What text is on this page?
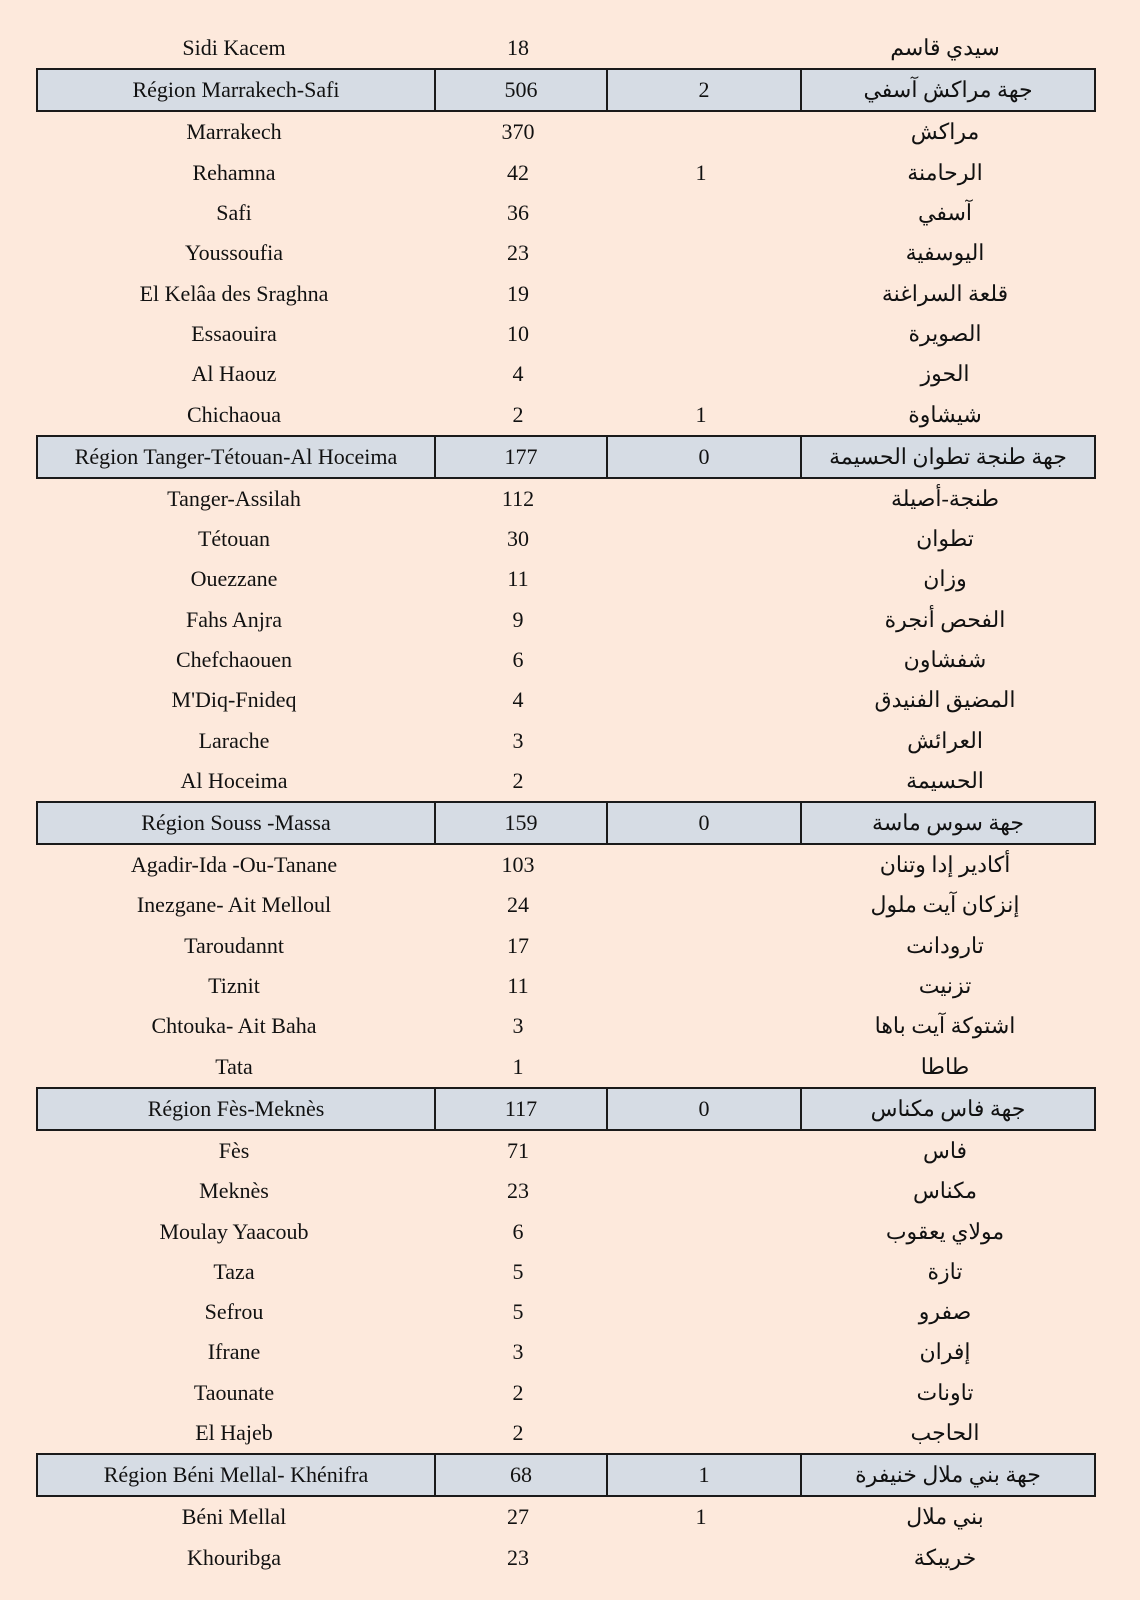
Sidi Kacem	18	سيدي قاسم
Région Marrakech-Safi	506	2	جهة مراكش آسفي
Marrakech	370	مراكش
Rehamna	42	1	الرحامنة
Safi	36	آسفي
Youssoufia	23	اليوسفية
El Kelâa des Sraghna	19	قلعة السراغنة
Essaouira	10	الصويرة
Al Haouz	4	الحوز
Chichaoua	2	1	شيشاوة
Région Tanger-Tétouan-Al Hoceima	177	0	جهة طنجة تطوان الحسيمة
Tanger-Assilah	112	طنجة-أصيلة
Tétouan	30	تطوان
Ouezzane	11	وزان
Fahs Anjra	9	الفحص أنجرة
Chefchaouen	6	شفشاون
M'Diq-Fnideq	4	المضيق الفنيدق
Larache	3	العرائش
Al Hoceima	2	الحسيمة
Région Souss -Massa	159	0	جهة سوس ماسة
Agadir-Ida -Ou-Tanane	103	أكادير إدا وتنان
Inezgane- Ait Melloul	24	إنزكان آيت ملول
Taroudannt	17	تارودانت
Tiznit	11	تزنيت
Chtouka- Ait Baha	3	اشتوكة آيت باها
Tata	1	طاطا
Région Fès-Meknès	117	0	جهة فاس مكناس
Fès	71	فاس
Meknès	23	مكناس
Moulay Yaacoub	6	مولاي يعقوب
Taza	5	تازة
Sefrou	5	صفرو
Ifrane	3	إفران
Taounate	2	تاونات
El Hajeb	2	الحاجب
Région Béni Mellal- Khénifra	68	1	جهة بني ملال خنيفرة
Béni Mellal	27	1	بني ملال
Khouribga	23	خريبكة
